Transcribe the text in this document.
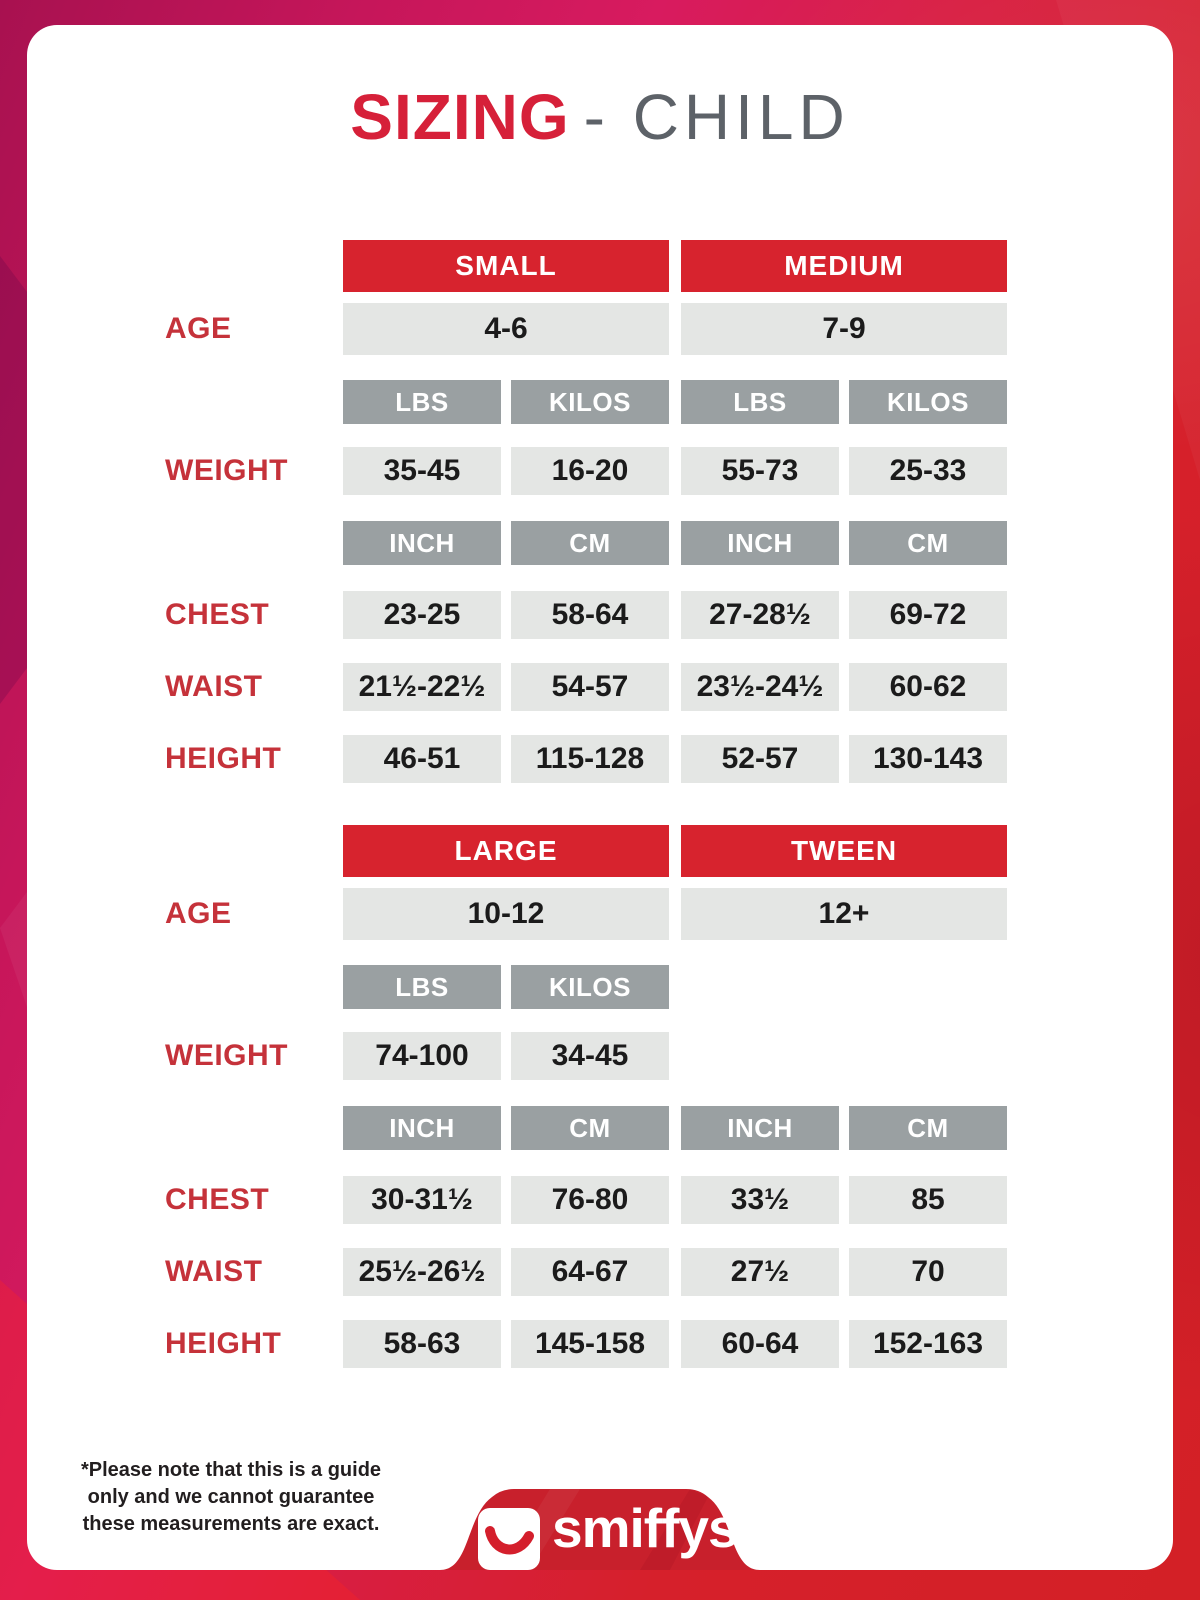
SIZING - CHILD
SMALL	MEDIUM
AGE	4-6	7-9
LBS	KILOS	LBS	KILOS
WEIGHT	35-45	16-20	55-73	25-33
INCH	CM	INCH	CM
CHEST	23-25	58-64	27-28½	69-72
WAIST	21½-22½	54-57	23½-24½	60-62
HEIGHT	46-51	115-128	52-57	130-143
LARGE	TWEEN
AGE	10-12	12+
LBS	KILOS
WEIGHT	74-100	34-45
INCH	CM	INCH	CM
CHEST	30-31½	76-80	33½	85
WAIST	25½-26½	64-67	27½	70
HEIGHT	58-63	145-158	60-64	152-163
*Please note that this is a guide only and we cannot guarantee these measurements are exact.	smiffys ™
